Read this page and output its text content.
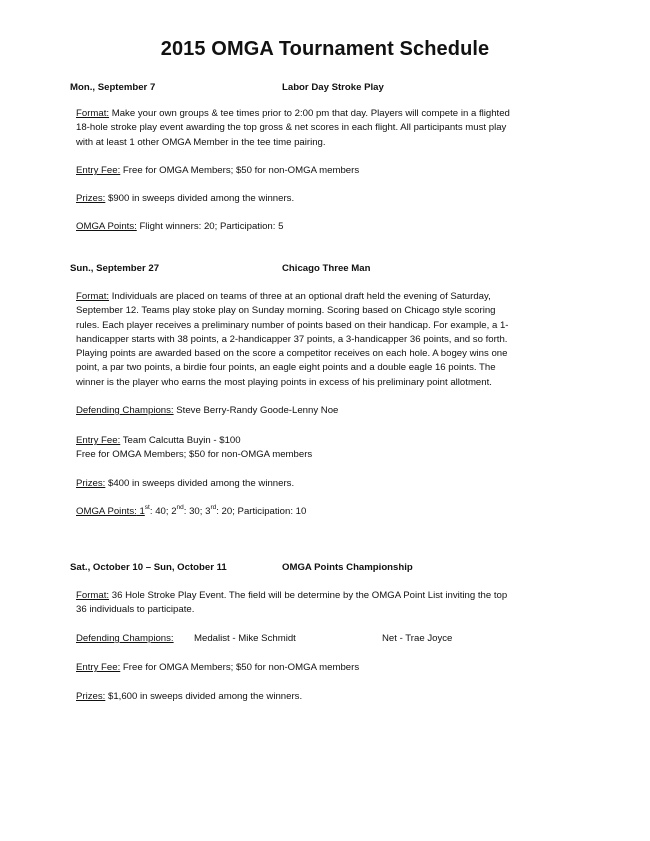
2015 OMGA Tournament Schedule
Mon., September 7	Labor Day Stroke Play
Format: Make your own groups & tee times prior to 2:00 pm that day. Players will compete in a flighted
18-hole stroke play event awarding the top gross & net scores in each flight. All participants must play
with at least 1 other OMGA Member in the tee time pairing.
Entry Fee: Free for OMGA Members; $50 for non-OMGA members
Prizes: $900 in sweeps divided among the winners.
OMGA Points: Flight winners: 20; Participation: 5
Sun., September 27	Chicago Three Man
Format: Individuals are placed on teams of three at an optional draft held the evening of Saturday,
September 12. Teams play stoke play on Sunday morning. Scoring based on Chicago style scoring
rules. Each player receives a preliminary number of points based on their handicap. For example, a 1-
handicapper starts with 38 points, a 2-handicapper 37 points, a 3-handicapper 36 points, and so forth.
Playing points are awarded based on the score a competitor receives on each hole. A bogey wins one
point, a par two points, a birdie four points, an eagle eight points and a double eagle 16 points. The
winner is the player who earns the most playing points in excess of his preliminary point allotment.
Defending Champions: Steve Berry-Randy Goode-Lenny Noe
Entry Fee: Team Calcutta Buyin - $100
Free for OMGA Members; $50 for non-OMGA members
Prizes: $400 in sweeps divided among the winners.
OMGA Points: 1st: 40; 2nd: 30; 3rd: 20; Participation: 10
Sat., October 10 – Sun, October 11	OMGA Points Championship
Format: 36 Hole Stroke Play Event. The field will be determine by the OMGA Point List inviting the top
36 individuals to participate.
Defending Champions: Medalist - Mike Schmidt	Net - Trae Joyce
Entry Fee: Free for OMGA Members; $50 for non-OMGA members
Prizes: $1,600 in sweeps divided among the winners.
